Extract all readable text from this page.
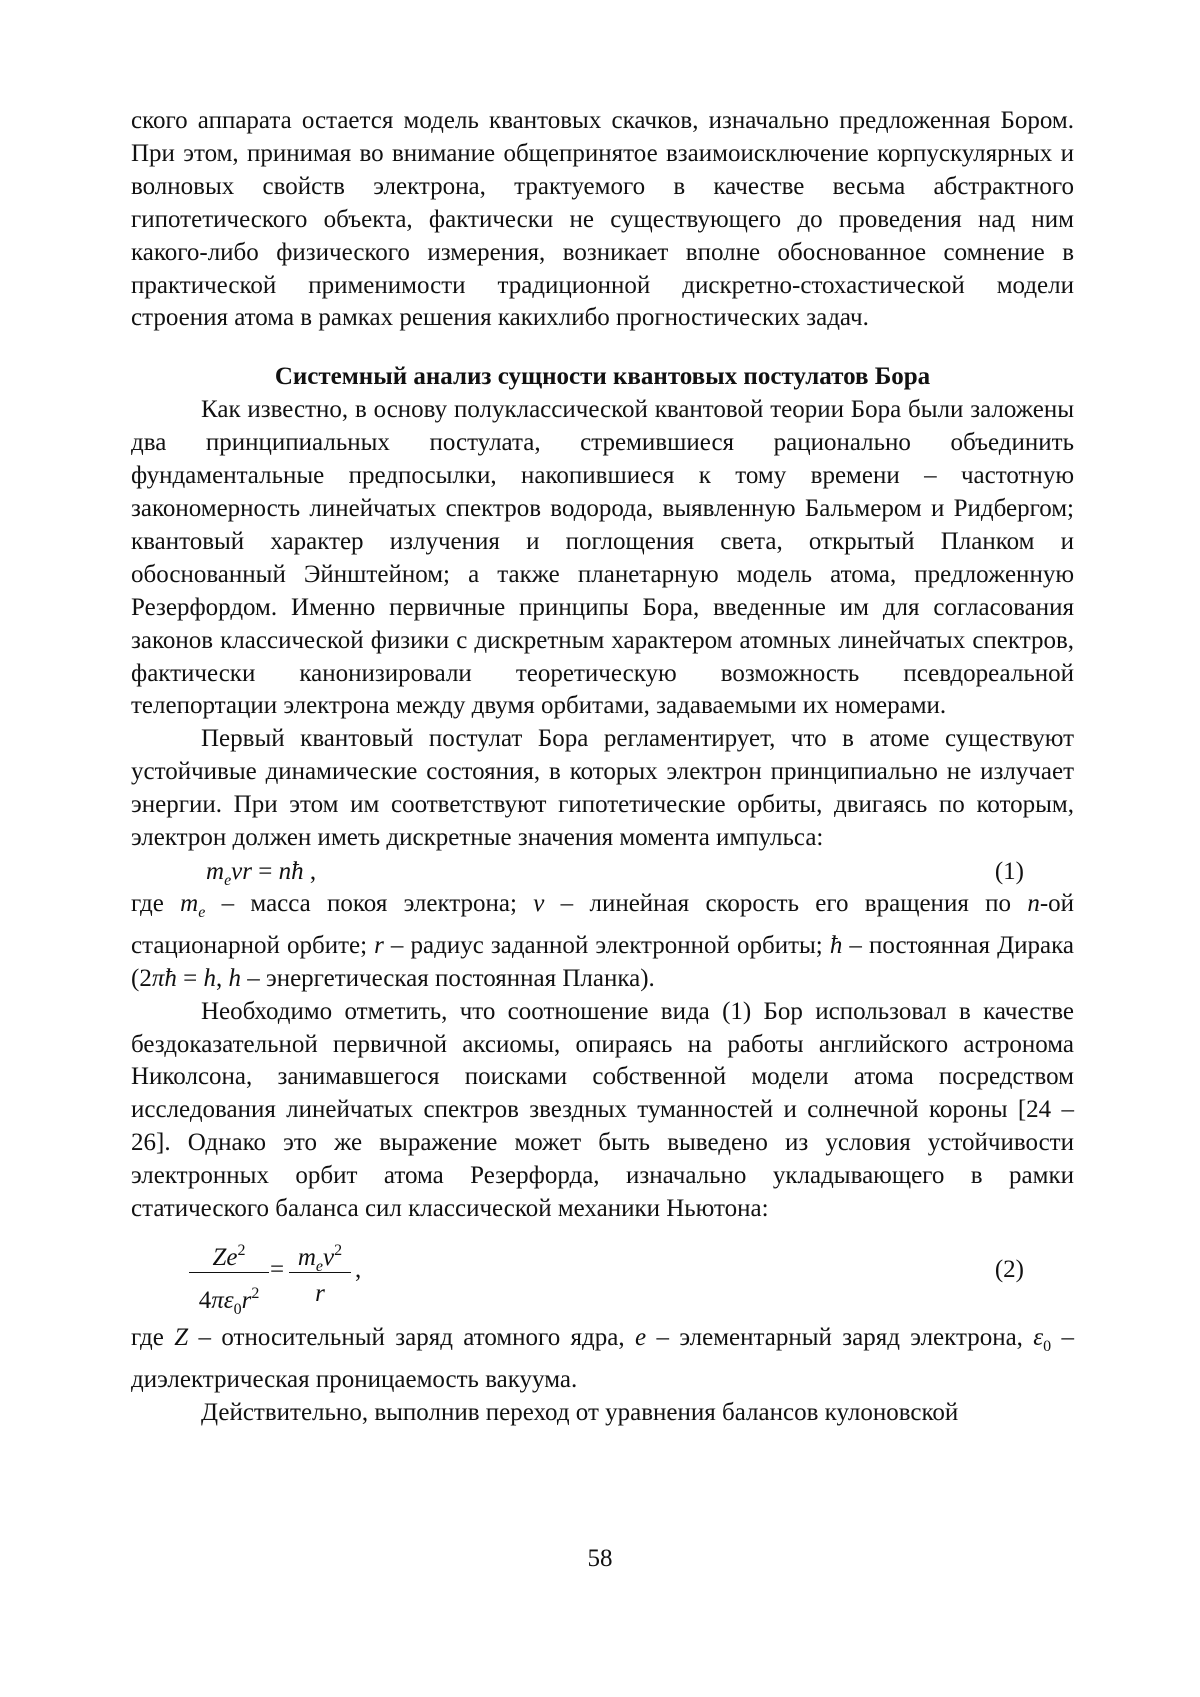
ского аппарата остается модель квантовых скачков, изначально предложенная Бором. При этом, принимая во внимание общепринятое взаимоисключение корпускулярных и волновых свойств электрона, трактуемого в качестве весьма абстрактного гипотетического объекта, фактически не существующего до проведения над ним какого-либо физического измерения, возникает вполне обоснованное сомнение в практической применимости традиционной дискретно-стохастической модели строения атома в рамках решения какихлибо прогностических задач.

Системный анализ сущности квантовых постулатов Бора

Как известно, в основу полуклассической квантовой теории Бора были заложены два принципиальных постулата, стремившиеся рационально объединить фундаментальные предпосылки, накопившиеся к тому времени – частотную закономерность линейчатых спектров водорода, выявленную Бальмером и Ридбергом; квантовый характер излучения и поглощения света, открытый Планком и обоснованный Эйнштейном; а также планетарную модель атома, предложенную Резерфордом. Именно первичные принципы Бора, введенные им для согласования законов классической физики с дискретным характером атомных линейчатых спектров, фактически канонизировали теоретическую возможность псевдореальной телепортации электрона между двумя орбитами, задаваемыми их номерами.

Первый квантовый постулат Бора регламентирует, что в атоме существуют устойчивые динамические состояния, в которых электрон принципиально не излучает энергии. При этом им соответствуют гипотетические орбиты, двигаясь по которым, электрон должен иметь дискретные значения момента импульса:

$m_evr$ = nħ ,	(1)

где $m_e$ – масса покоя электрона; v – линейная скорость его вращения по n-ой стационарной орбите; r – радиус заданной электронной орбиты; ħ – постоянная Дирака (2πħ = h, h – энергетическая постоянная Планка).

Необходимо отметить, что соотношение вида (1) Бор использовал в качестве бездоказательной первичной аксиомы, опираясь на работы английского астронома Николсона, занимавшегося поисками собственной модели атома посредством исследования линейчатых спектров звездных туманностей и солнечной короны [24 – 26]. Однако это же выражение может быть выведено из условия устойчивости электронных орбит атома Резерфорда, изначально укладывающего в рамки статического баланса сил классической механики Ньютона:

Ze$^2$
$4\pi\varepsilon_0r^2$
= $m_ev^2$
r
,	(2)

где Z – относительный заряд атомного ядра, e – элементарный заряд электрона, $\varepsilon_0$ – диэлектрическая проницаемость вакуума.

Действительно, выполнив переход от уравнения балансов кулоновской

58
